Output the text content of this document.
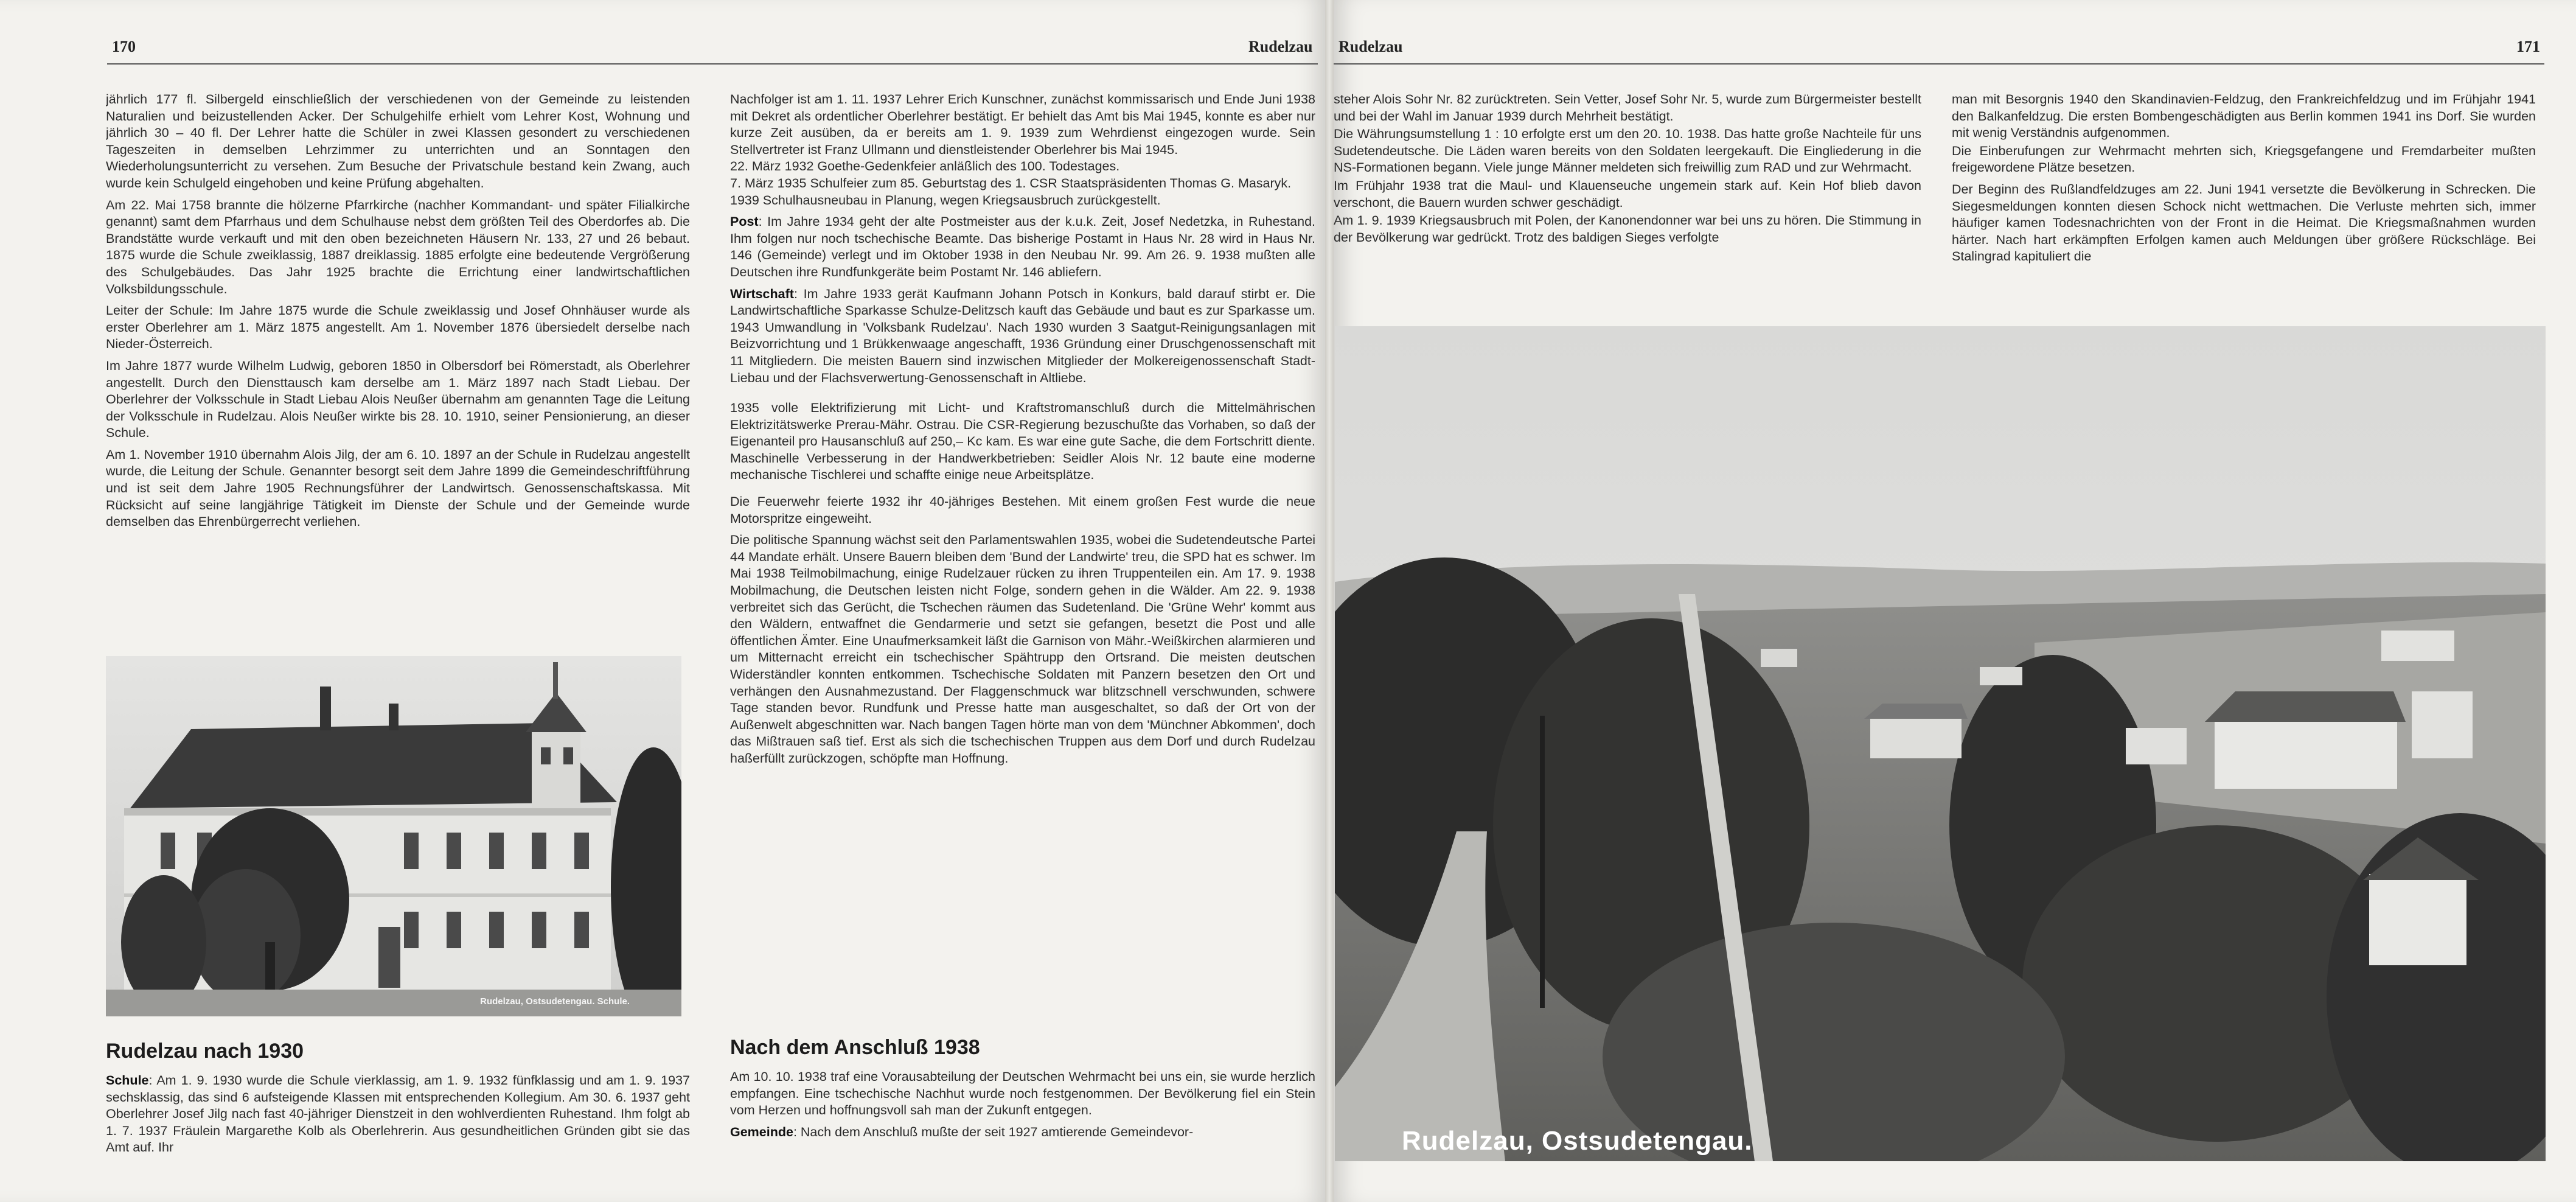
170	Rudelzau

jährlich 177 fl. Silbergeld einschließlich der verschiedenen von der Gemeinde zu leistenden Naturalien und beizustellenden Acker. Der Schulgehilfe erhielt vom Lehrer Kost, Wohnung und jährlich 30 – 40 fl. Der Lehrer hatte die Schüler in zwei Klassen gesondert zu verschiedenen Tageszeiten in demselben Lehrzimmer zu unterrichten und an Sonntagen den Wiederholungsunterricht zu versehen. Zum Besuche der Privatschule bestand kein Zwang, auch wurde kein Schulgeld eingehoben und keine Prüfung abgehalten.

Am 22. Mai 1758 brannte die hölzerne Pfarrkirche (nachher Kommandant- und später Filialkirche genannt) samt dem Pfarrhaus und dem Schulhause nebst dem größten Teil des Oberdorfes ab. Die Brandstätte wurde verkauft und mit den oben bezeichneten Häusern Nr. 133, 27 und 26 bebaut. 1875 wurde die Schule zweiklassig, 1887 dreiklassig. 1885 erfolgte eine bedeutende Vergrößerung des Schulgebäudes. Das Jahr 1925 brachte die Errichtung einer landwirtschaftlichen Volksbildungsschule.

Leiter der Schule: Im Jahre 1875 wurde die Schule zweiklassig und Josef Ohnhäuser wurde als erster Oberlehrer am 1. März 1875 angestellt. Am 1. November 1876 übersiedelt derselbe nach Nieder-Österreich.

Im Jahre 1877 wurde Wilhelm Ludwig, geboren 1850 in Olbersdorf bei Römerstadt, als Oberlehrer angestellt. Durch den Diensttausch kam derselbe am 1. März 1897 nach Stadt Liebau. Der Oberlehrer der Volksschule in Stadt Liebau Alois Neußer übernahm am genannten Tage die Leitung der Volksschule in Rudelzau. Alois Neußer wirkte bis 28. 10. 1910, seiner Pensionierung, an dieser Schule.

Am 1. November 1910 übernahm Alois Jilg, der am 6. 10. 1897 an der Schule in Rudelzau angestellt wurde, die Leitung der Schule. Genannter besorgt seit dem Jahre 1899 die Gemeindeschriftführung und ist seit dem Jahre 1905 Rechnungsführer der Landwirtsch. Genossenschaftskassa. Mit Rücksicht auf seine langjährige Tätigkeit im Dienste der Schule und der Gemeinde wurde demselben das Ehrenbürgerrecht verliehen.

Rudelzau, Ostsudetengau. Schule.
Rudelzau nach 1930

Schule: Am 1. 9. 1930 wurde die Schule vierklassig, am 1. 9. 1932 fünfklassig und am 1. 9. 1937 sechsklassig, das sind 6 aufsteigende Klassen mit entsprechenden Kollegium. Am 30. 6. 1937 geht Oberlehrer Josef Jilg nach fast 40-jähriger Dienstzeit in den wohlverdienten Ruhestand. Ihm folgt ab 1. 7. 1937 Fräulein Margarethe Kolb als Oberlehrerin. Aus gesundheitlichen Gründen gibt sie das Amt auf. Ihr

Nachfolger ist am 1. 11. 1937 Lehrer Erich Kunschner, zunächst kommissarisch und Ende Juni 1938 mit Dekret als ordentlicher Oberlehrer bestätigt. Er behielt das Amt bis Mai 1945, konnte es aber nur kurze Zeit ausüben, da er bereits am 1. 9. 1939 zum Wehrdienst eingezogen wurde. Sein Stellvertreter ist Franz Ullmann und dienstleistender Oberlehrer bis Mai 1945.

22. März 1932 Goethe-Gedenkfeier anläßlich des 100. Todestages.

7. März 1935 Schulfeier zum 85. Geburtstag des 1. CSR Staatspräsidenten Thomas G. Masaryk.

1939 Schulhausneubau in Planung, wegen Kriegsausbruch zurückgestellt.

Post: Im Jahre 1934 geht der alte Postmeister aus der k.u.k. Zeit, Josef Nedetzka, in Ruhestand. Ihm folgen nur noch tschechische Beamte. Das bisherige Postamt in Haus Nr. 28 wird in Haus Nr. 146 (Gemeinde) verlegt und im Oktober 1938 in den Neubau Nr. 99. Am 26. 9. 1938 mußten alle Deutschen ihre Rundfunkgeräte beim Postamt Nr. 146 abliefern.

Wirtschaft: Im Jahre 1933 gerät Kaufmann Johann Potsch in Konkurs, bald darauf stirbt er. Die Landwirtschaftliche Sparkasse Schulze-Delitzsch kauft das Gebäude und baut es zur Sparkasse um. 1943 Umwandlung in 'Volksbank Rudelzau'. Nach 1930 wurden 3 Saatgut-Reinigungsanlagen mit Beizvorrichtung und 1 Brükkenwaage angeschafft, 1936 Gründung einer Druschgenossenschaft mit 11 Mitgliedern. Die meisten Bauern sind inzwischen Mitglieder der Molkereigenossenschaft Stadt-Liebau und der Flachsverwertung-Genossenschaft in Altliebe.

1935 volle Elektrifizierung mit Licht- und Kraftstromanschluß durch die Mittelmährischen Elektrizitätswerke Prerau-Mähr. Ostrau. Die CSR-Regierung bezuschußte das Vorhaben, so daß der Eigenanteil pro Hausanschluß auf 250,– Kc kam. Es war eine gute Sache, die dem Fortschritt diente. Maschinelle Verbesserung in der Handwerkbetrieben: Seidler Alois Nr. 12 baute eine moderne mechanische Tischlerei und schaffte einige neue Arbeitsplätze.

Die Feuerwehr feierte 1932 ihr 40-jähriges Bestehen. Mit einem großen Fest wurde die neue Motorspritze eingeweiht.

Die politische Spannung wächst seit den Parlamentswahlen 1935, wobei die Sudetendeutsche Partei 44 Mandate erhält. Unsere Bauern bleiben dem 'Bund der Landwirte' treu, die SPD hat es schwer. Im Mai 1938 Teilmobilmachung, einige Rudelzauer rücken zu ihren Truppenteilen ein. Am 17. 9. 1938 Mobilmachung, die Deutschen leisten nicht Folge, sondern gehen in die Wälder. Am 22. 9. 1938 verbreitet sich das Gerücht, die Tschechen räumen das Sudetenland. Die 'Grüne Wehr' kommt aus den Wäldern, entwaffnet die Gendarmerie und setzt sie gefangen, besetzt die Post und alle öffentlichen Ämter. Eine Unaufmerksamkeit läßt die Garnison von Mähr.-Weißkirchen alarmieren und um Mitternacht erreicht ein tschechischer Spähtrupp den Ortsrand. Die meisten deutschen Widerständler konnten entkommen. Tschechische Soldaten mit Panzern besetzen den Ort und verhängen den Ausnahmezustand. Der Flaggenschmuck war blitzschnell verschwunden, schwere Tage standen bevor. Rundfunk und Presse hatte man ausgeschaltet, so daß der Ort von der Außenwelt abgeschnitten war. Nach bangen Tagen hörte man von dem 'Münchner Abkommen', doch das Mißtrauen saß tief. Erst als sich die tschechischen Truppen aus dem Dorf und durch Rudelzau haßerfüllt zurückzogen, schöpfte man Hoffnung.

Nach dem Anschluß 1938

Am 10. 10. 1938 traf eine Vorausabteilung der Deutschen Wehrmacht bei uns ein, sie wurde herzlich empfangen. Eine tschechische Nachhut wurde noch festgenommen. Der Bevölkerung fiel ein Stein vom Herzen und hoffnungsvoll sah man der Zukunft entgegen.

Gemeinde: Nach dem Anschluß mußte der seit 1927 amtierende Gemeindevor-

Rudelzau	171

steher Alois Sohr Nr. 82 zurücktreten. Sein Vetter, Josef Sohr Nr. 5, wurde zum Bürgermeister bestellt und bei der Wahl im Januar 1939 durch Mehrheit bestätigt.

Die Währungsumstellung 1 : 10 erfolgte erst um den 20. 10. 1938. Das hatte große Nachteile für uns Sudetendeutsche. Die Läden waren bereits von den Soldaten leergekauft. Die Eingliederung in die NS-Formationen begann. Viele junge Männer meldeten sich freiwillig zum RAD und zur Wehrmacht.

Im Frühjahr 1938 trat die Maul- und Klauenseuche ungemein stark auf. Kein Hof blieb davon verschont, die Bauern wurden schwer geschädigt.

Am 1. 9. 1939 Kriegsausbruch mit Polen, der Kanonendonner war bei uns zu hören. Die Stimmung in der Bevölkerung war gedrückt. Trotz des baldigen Sieges verfolgte

man mit Besorgnis 1940 den Skandinavien-Feldzug, den Frankreichfeldzug und im Frühjahr 1941 den Balkanfeldzug. Die ersten Bombengeschädigten aus Berlin kommen 1941 ins Dorf. Sie wurden mit wenig Verständnis aufgenommen.

Die Einberufungen zur Wehrmacht mehrten sich, Kriegsgefangene und Fremdarbeiter mußten freigewordene Plätze besetzen.

Der Beginn des Rußlandfeldzuges am 22. Juni 1941 versetzte die Bevölkerung in Schrecken. Die Siegesmeldungen konnten diesen Schock nicht wettmachen. Die Verluste mehrten sich, immer häufiger kamen Todesnachrichten von der Front in die Heimat. Die Kriegsmaßnahmen wurden härter. Nach hart erkämpften Erfolgen kamen auch Meldungen über größere Rückschläge. Bei Stalingrad kapituliert die

Rudelzau, Ostsudetengau.
